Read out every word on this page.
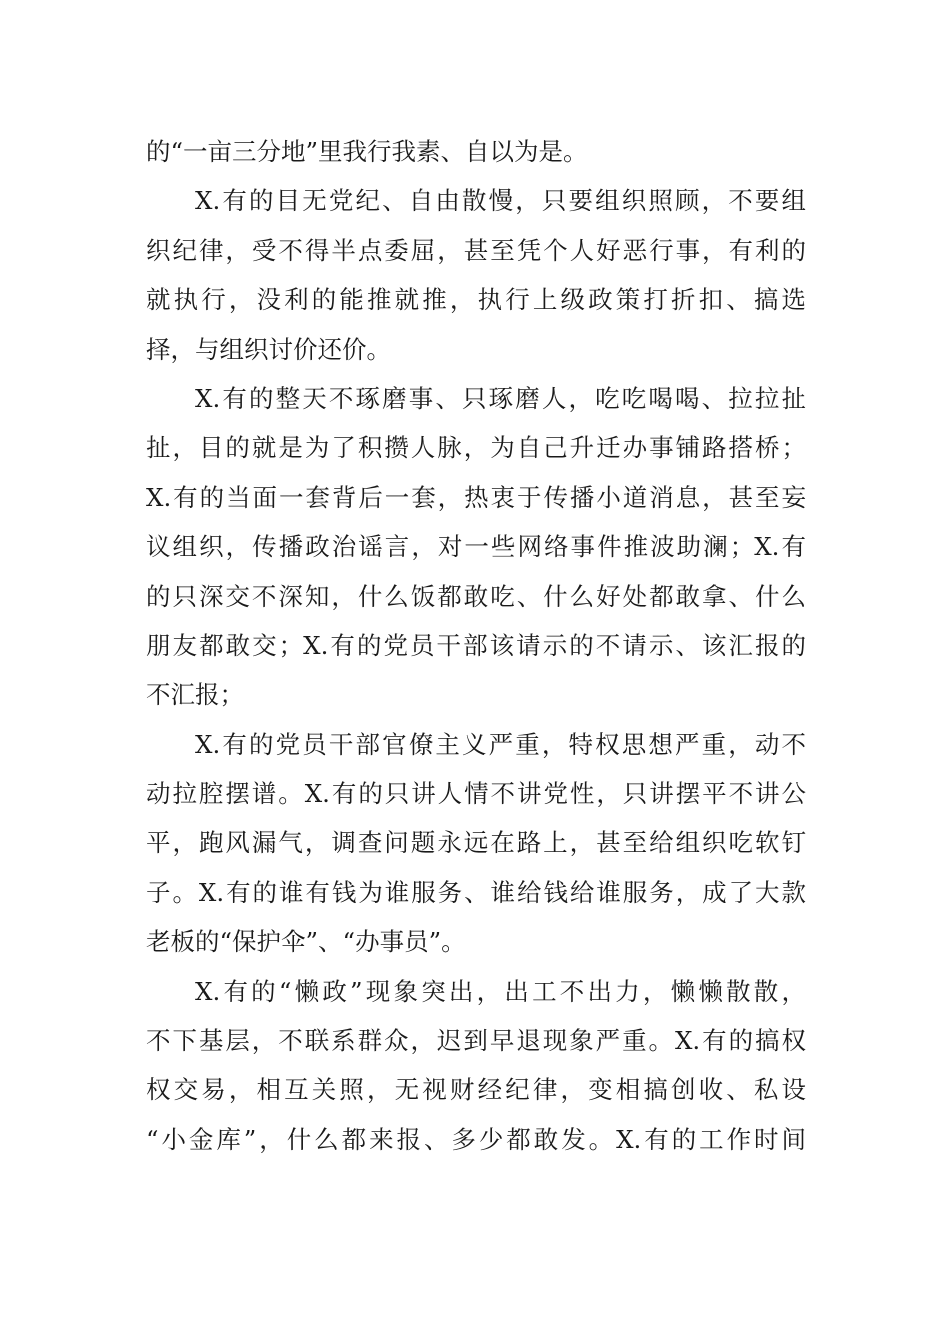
的“一亩三分地”里我行我素、自以为是。
X.有的目无党纪、自由散慢，只要组织照顾，不要组
织纪律，受不得半点委屈，甚至凭个人好恶行事，有利的
就执行，没利的能推就推，执行上级政策打折扣、搞选
择，与组织讨价还价。
X.有的整天不琢磨事、只琢磨人，吃吃喝喝、拉拉扯
扯，目的就是为了积攒人脉，为自己升迁办事铺路搭桥；
X.有的当面一套背后一套，热衷于传播小道消息，甚至妄
议组织，传播政治谣言，对一些网络事件推波助澜；X.有
的只深交不深知，什么饭都敢吃、什么好处都敢拿、什么
朋友都敢交；X.有的党员干部该请示的不请示、该汇报的
不汇报；
X.有的党员干部官僚主义严重，特权思想严重，动不
动拉腔摆谱。X.有的只讲人情不讲党性，只讲摆平不讲公
平，跑风漏气，调查问题永远在路上，甚至给组织吃软钉
子。X.有的谁有钱为谁服务、谁给钱给谁服务，成了大款
老板的“保护伞”、“办事员”。
X.有的“懒政”现象突出，出工不出力，懒懒散散，
不下基层，不联系群众，迟到早退现象严重。X.有的搞权
权交易，相互关照，无视财经纪律，变相搞创收、私设
“小金库”，什么都来报、多少都敢发。X.有的工作时间
